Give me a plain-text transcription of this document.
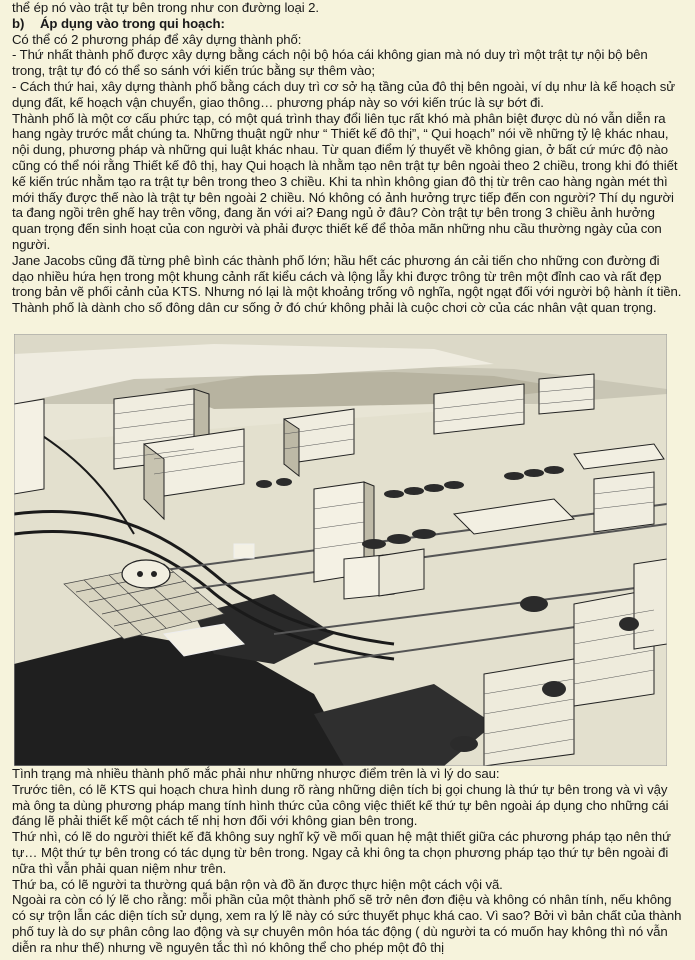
thể ép nó vào trật tự bên trong như con đường loại 2.

b) Áp dụng vào trong qui hoạch:

Có thể có 2 phương pháp để xây dựng thành phố:

- Thứ nhất thành phố được xây dựng bằng cách nội bộ hóa cái không gian mà nó duy trì một trật tự nội bộ bên trong, trật tự đó có thể so sánh với kiến trúc bằng sự thêm vào;

- Cách thứ hai, xây dựng thành phố bằng cách duy trì cơ sở hạ tầng của đô thị bên ngoài, ví dụ như là kế hoạch sử dụng đất, kế hoạch vận chuyển, giao thông… phương pháp này so với kiến trúc là sự bớt đi.

Thành phố là một cơ cấu phức tạp, có một quá trình thay đổi liên tục rất khó mà phân biệt được dù nó vẫn diễn ra hang ngày trước mắt chúng ta. Những thuật ngữ như “ Thiết kế đô thị”, “ Qui hoạch” nói về những tỷ lệ khác nhau, nội dung, phương pháp và những qui luật khác nhau. Từ quan điểm lý thuyết về không gian, ở bất cứ mức độ nào cũng có thể nói rằng Thiết kế đô thị, hay Qui hoạch là nhằm tạo nên trật tự bên ngoài theo 2 chiều, trong khi đó thiết kế kiến trúc nhằm tạo ra trật tự bên trong theo 3 chiều. Khi ta nhìn không gian đô thị từ trên cao hàng ngàn mét thì mới thấy được thế nào là trật tự bên ngoài 2 chiều. Nó không có ảnh hưởng trực tiếp đến con người? Thí dụ người ta đang ngồi trên ghế hay trên võng, đang ăn với ai? Đang ngủ ở đâu? Còn trật tự bên trong 3 chiều ảnh hưởng quan trọng đến sinh hoạt của con người và phải được thiết kế để thỏa mãn những nhu cầu thường ngày của con người.

Jane Jacobs cũng đã từng phê bình các thành phố lớn; hầu hết các phương án cải tiến cho những con đường đi dạo nhiều hứa hẹn trong một khung cảnh rất kiểu cách và lộng lẫy khi được trông từ trên một đỉnh cao và rất đẹp trong bản vẽ phối cảnh của KTS. Nhưng nó lại là một khoảng trống vô nghĩa, ngột ngạt đối với người bộ hành ít tiền. Thành phố là dành cho số đông dân cư sống ở đó chứ không phải là cuộc chơi cờ của các nhân vật quan trọng.

Tình trạng mà nhiều thành phố mắc phải như những nhược điểm trên là vì lý do sau:

Trước tiên, có lẽ KTS qui hoạch chưa hình dung rõ ràng những diện tích bị gọi chung là thứ tự bên trong và vì vậy mà ông ta dùng phương pháp mang tính hình thức của công việc thiết kế thứ tự bên ngoài áp dụng cho những cái đáng lẽ phải thiết kế một cách tế nhị hơn đối với không gian bên trong.

Thứ nhì, có lẽ do người thiết kế đã không suy nghĩ kỹ về mối quan hệ mật thiết giữa các phương pháp tạo nên thứ tự… Một thứ tự bên trong có tác dụng từ bên trong. Ngay cả khi ông ta chọn phương pháp tạo thứ tự bên ngoài đi nữa thì vẫn phải quan niệm như trên.

Thứ ba, có lẽ người ta thường quá bận rộn và đồ ăn được thực hiện một cách vội vã.

Ngoài ra còn có lý lẽ cho rằng: mỗi phần của một thành phố sẽ trở nên đơn điệu và không có nhân tính, nếu không có sự trộn lẫn các diện tích sử dụng, xem ra lý lẽ này có sức thuyết phục khá cao. Vì sao? Bởi vì bản chất của thành phố tuy là do sự phân công lao động và sự chuyên môn hóa tác động ( dù người ta có muốn hay không thì nó vẫn diễn ra như thế) nhưng về nguyên tắc thì nó không thể cho phép một đô thị
